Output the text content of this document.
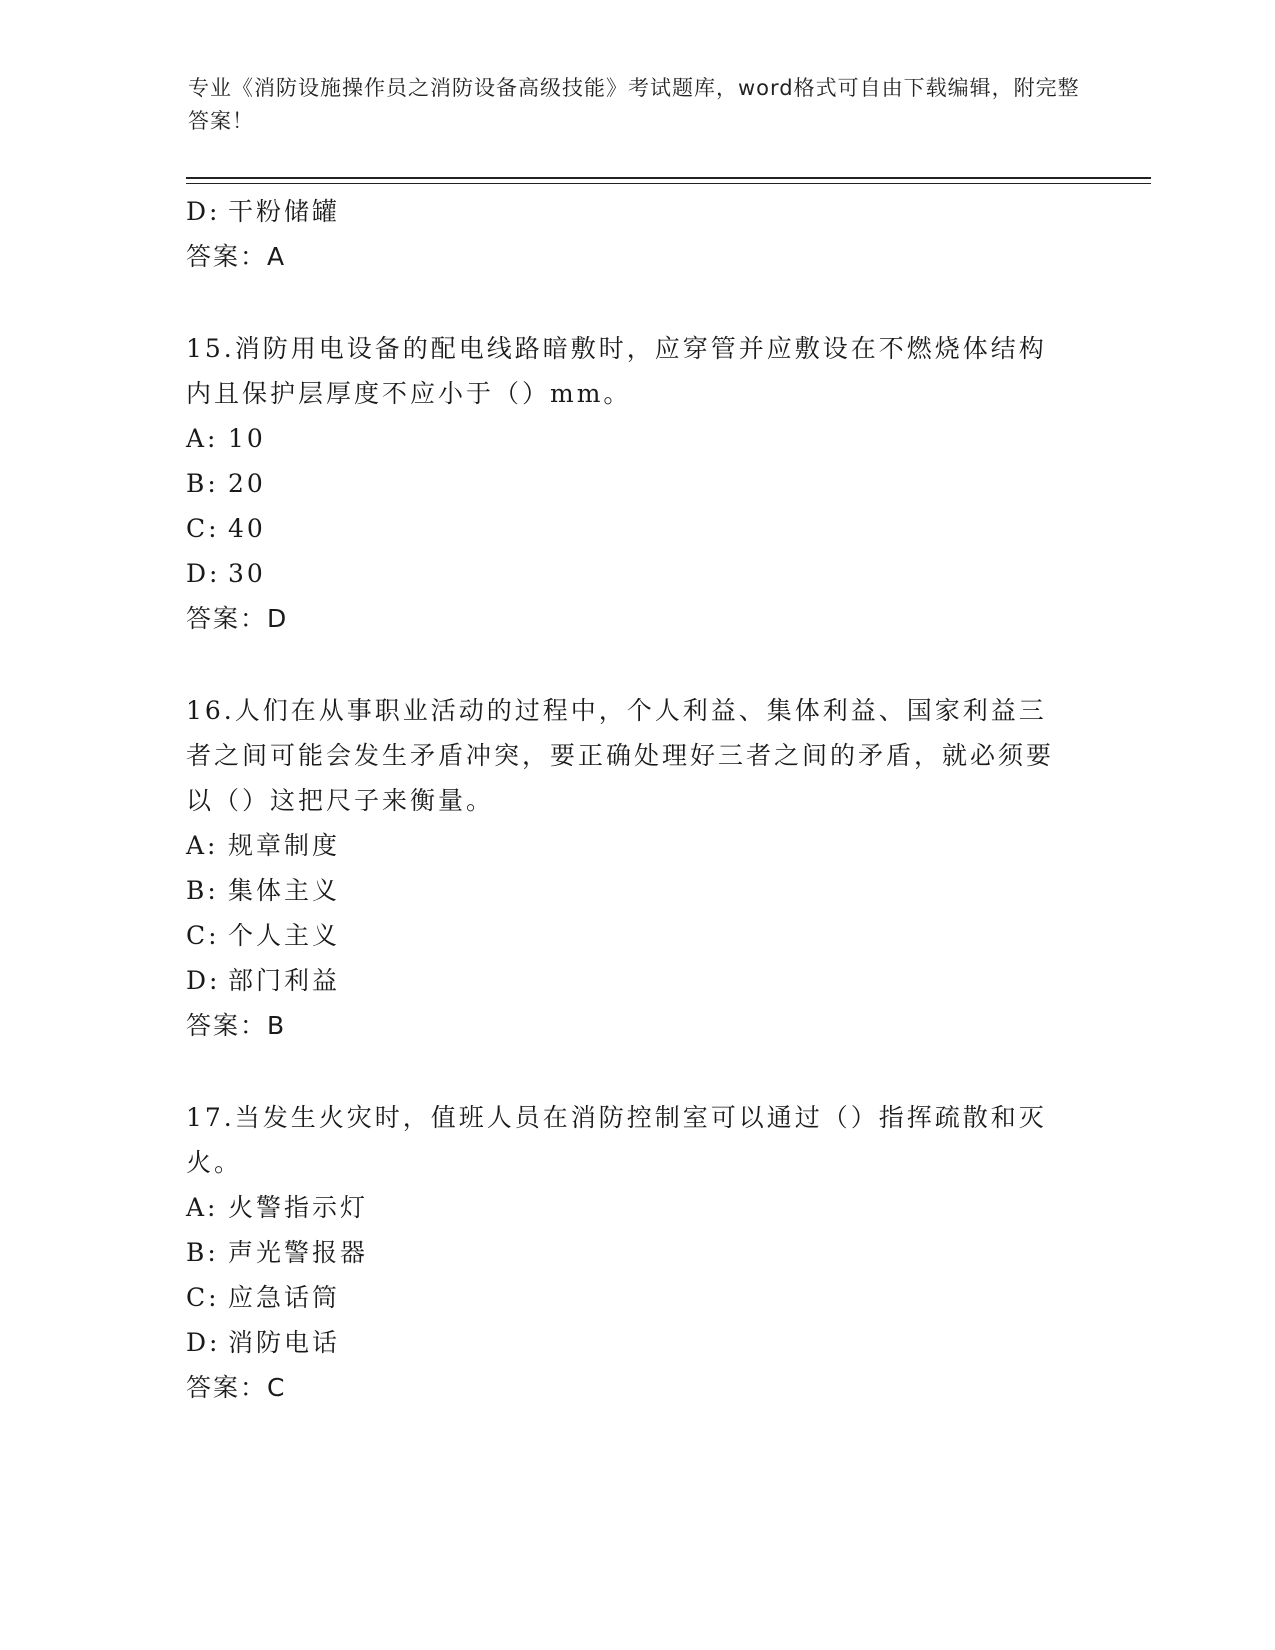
专业《消防设施操作员之消防设备高级技能》考试题库，word格式可自由下载编辑，附完整答案！
D: 干粉储罐
答案：A
15.消防用电设备的配电线路暗敷时，应穿管并应敷设在不燃烧体结构内且保护层厚度不应小于（）mm。
A: 10
B: 20
C: 40
D: 30
答案：D
16.人们在从事职业活动的过程中，个人利益、集体利益、国家利益三者之间可能会发生矛盾冲突，要正确处理好三者之间的矛盾，就必须要以（）这把尺子来衡量。
A: 规章制度
B: 集体主义
C: 个人主义
D: 部门利益
答案：B
17.当发生火灾时，值班人员在消防控制室可以通过（）指挥疏散和灭火。
A: 火警指示灯
B: 声光警报器
C: 应急话筒
D: 消防电话
答案：C
